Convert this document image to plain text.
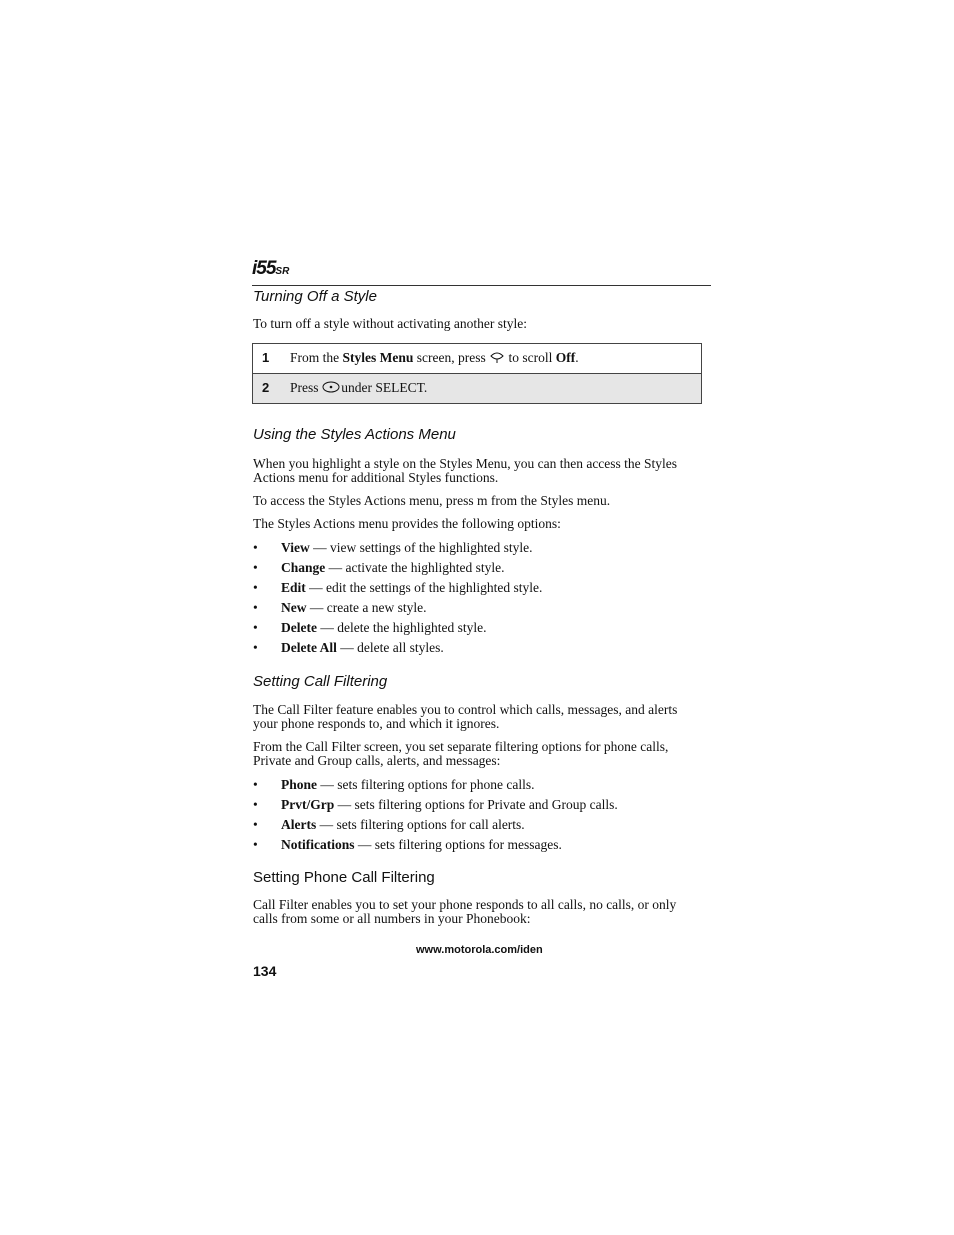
i55SR
Turning Off a Style
To turn off a style without activating another style:
1 From the Styles Menu screen, press
to scroll Off.
2 Press
under SELECT.
Using the Styles Actions Menu
When you highlight a style on the Styles Menu, you can then access the Styles Actions menu for additional Styles functions.
To access the Styles Actions menu, press m from the Styles menu.
The Styles Actions menu provides the following options:
• View — view settings of the highlighted style.
• Change — activate the highlighted style.
• Edit — edit the settings of the highlighted style.
• New — create a new style.
• Delete — delete the highlighted style.
• Delete All — delete all styles.
Setting Call Filtering
The Call Filter feature enables you to control which calls, messages, and alerts your phone responds to, and which it ignores.
From the Call Filter screen, you set separate filtering options for phone calls, Private and Group calls, alerts, and messages:
• Phone — sets filtering options for phone calls.
• Prvt/Grp — sets filtering options for Private and Group calls.
• Alerts — sets filtering options for call alerts.
• Notifications — sets filtering options for messages.
Setting Phone Call Filtering
Call Filter enables you to set your phone responds to all calls, no calls, or only calls from some or all numbers in your Phonebook:
www.motorola.com/iden
134
